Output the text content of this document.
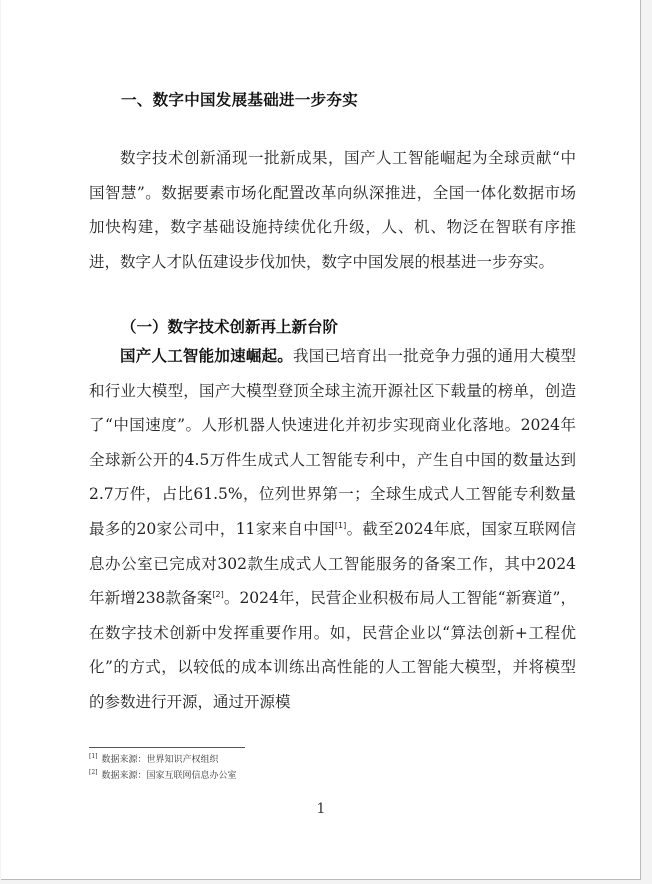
一、数字中国发展基础进一步夯实
数字技术创新涌现一批新成果，国产人工智能崛起为全球贡献“中国智慧”。数据要素市场化配置改革向纵深推进，全国一体化数据市场加快构建，数字基础设施持续优化升级，人、机、物泛在智联有序推进，数字人才队伍建设步伐加快，数字中国发展的根基进一步夯实。
（一）数字技术创新再上新台阶
国产人工智能加速崛起。我国已培育出一批竞争力强的通用大模型和行业大模型，国产大模型登顶全球主流开源社区下载量的榜单，创造了“中国速度”。人形机器人快速进化并初步实现商业化落地。2024年全球新公开的4.5万件生成式人工智能专利中，产生自中国的数量达到2.7万件，占比61.5%，位列世界第一；全球生成式人工智能专利数量最多的20家公司中，11家来自中国[1]。截至2024年底，国家互联网信息办公室已完成对302款生成式人工智能服务的备案工作，其中2024年新增238款备案[2]。2024年，民营企业积极布局人工智能“新赛道”，在数字技术创新中发挥重要作用。如，民营企业以“算法创新+工程优化”的方式，以较低的成本训练出高性能的人工智能大模型，并将模型的参数进行开源，通过开源模
[1] 数据来源：世界知识产权组织
[2] 数据来源：国家互联网信息办公室
1
